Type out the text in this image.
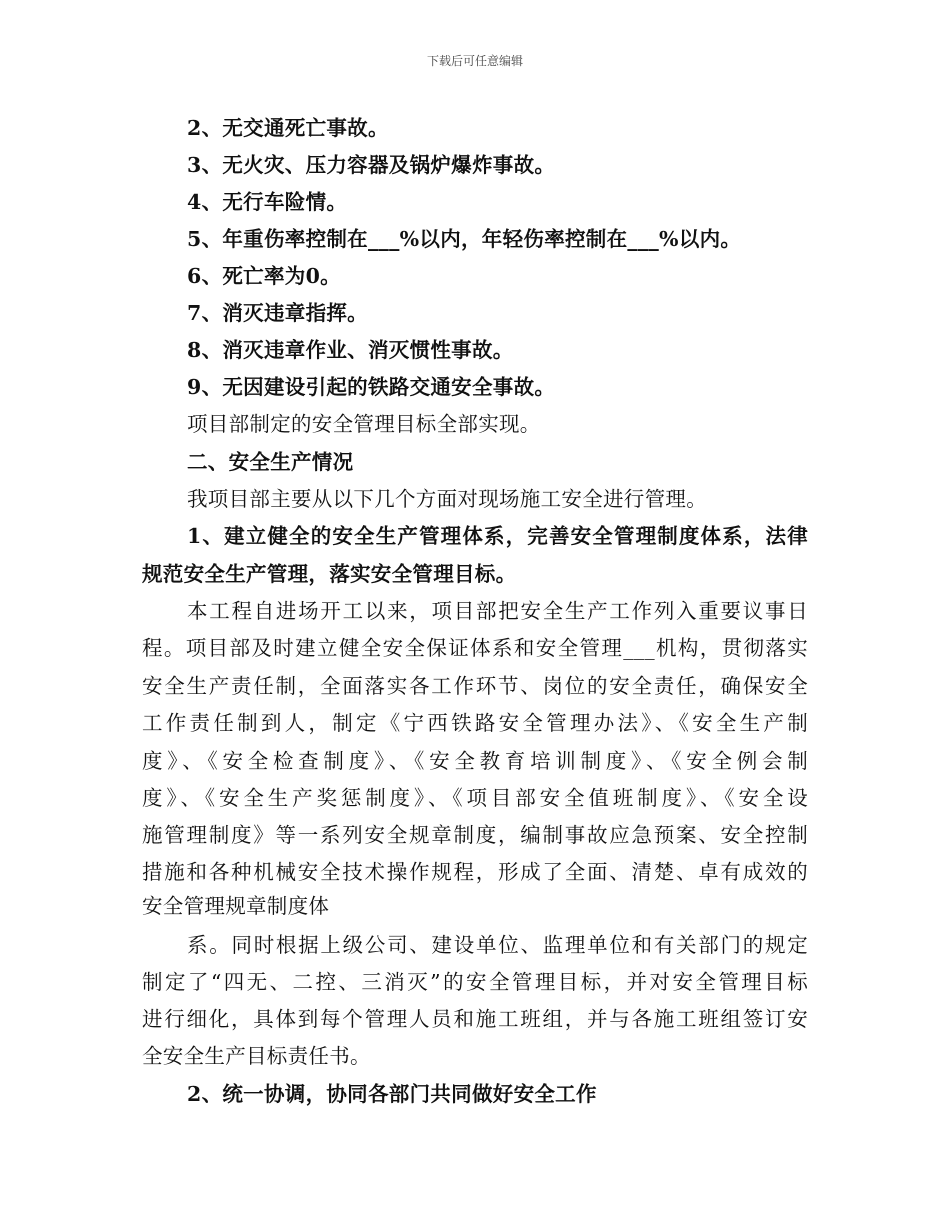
下载后可任意编辑
2、无交通死亡事故。
3、无火灾、压力容器及锅炉爆炸事故。
4、无行车险情。
5、年重伤率控制在___%以内，年轻伤率控制在___%以内。
6、死亡率为0。
7、消灭违章指挥。
8、消灭违章作业、消灭惯性事故。
9、无因建设引起的铁路交通安全事故。
项目部制定的安全管理目标全部实现。
二、安全生产情况
我项目部主要从以下几个方面对现场施工安全进行管理。
1、建立健全的安全生产管理体系，完善安全管理制度体系，法律
规范安全生产管理，落实安全管理目标。
本工程自进场开工以来，项目部把安全生产工作列入重要议事日
程。项目部及时建立健全安全保证体系和安全管理___机构，贯彻落实
安全生产责任制，全面落实各工作环节、岗位的安全责任，确保安全
工作责任制到人，制定《宁西铁路安全管理办法》、《安全生产制
度》、《安全检查制度》、《安全教育培训制度》、《安全例会制
度》、《安全生产奖惩制度》、《项目部安全值班制度》、《安全设
施管理制度》等一系列安全规章制度，编制事故应急预案、安全控制
措施和各种机械安全技术操作规程，形成了全面、清楚、卓有成效的
安全管理规章制度体
系。同时根据上级公司、建设单位、监理单位和有关部门的规定
制定了“四无、二控、三消灭”的安全管理目标，并对安全管理目标
进行细化，具体到每个管理人员和施工班组，并与各施工班组签订安
全安全生产目标责任书。
2、统一协调，协同各部门共同做好安全工作
